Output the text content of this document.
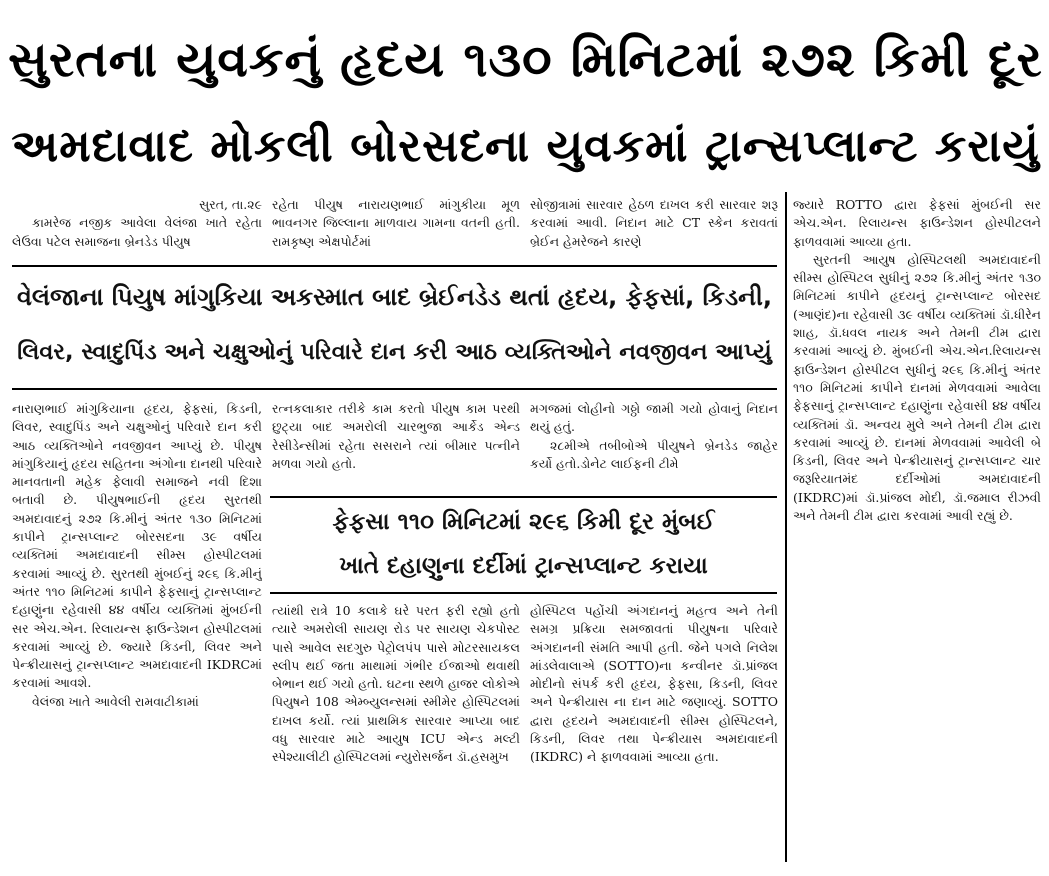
સુરતના યુવકનું હૃદય ૧૩૦ મિનિટમાં ૨૭૨ કિમી દૂર
અમદાવાદ મોકલી બોરસદના યુવકમાં ટ્રાન્સપ્લાન્ટ કરાયું

સુરત, તા.૨૯

કામરેજ નજીક આવેલા વેલંજા ખાતે રહેતા લેઉવા પટેલ સમાજના બ્રેનડેડ પીયુષ

રહેતા પીયુષ નારાયણભાઈ માંગુકીયા મૂળ ભાવનગર જિલ્લાના માળવાય ગામના વતની હતી. રામકૃષ્ણ એક્ષપોર્ટમાં

સોજીત્રામાં સારવાર હેઠળ દાખલ કરી સારવાર શરૂ કરવામાં આવી. નિદાન માટે CT સ્કેન કરાવતાં બ્રેઈન હેમરેજને કારણે

વેલંજાના પિયુષ માંગુકિયા અકસ્માત બાદ બ્રેઈનડેડ થતાં હૃદય, ફેફસાં, કિડની,
લિવર, સ્વાદુપિંડ અને ચક્ષુઓનું પરિવારે દાન કરી આઠ વ્યક્તિઓને નવજીવન આપ્યું

નારાણભાઈ માંગુકિયાના હૃદય, ફેફસાં, કિડની, લિવર, સ્વાદુપિંડ અને ચક્ષુઓનું પરિવારે દાન કરી આઠ વ્યક્તિઓને નવજીવન આપ્યું છે. પીયુષ માંગુકિયાનું હૃદય સહિતના અંગોના દાનથી પરિવારે માનવતાની મહેક ફેલાવી સમાજને નવી દિશા બતાવી છે. પીયુષભાઈની હૃદય સુરતથી અમદાવાદનું ૨૭૨ કિ.મીનું અંતર ૧૩૦ મિનિટમાં કાપીને ટ્રાન્સપ્લાન્ટ બોરસદના ૩૯ વર્ષીય વ્યક્તિમાં અમદાવાદની સીમ્સ હોસ્પીટલમાં કરવામાં આવ્યું છે. સુરતથી મુંબઈનું ૨૯૬ કિ.મીનું અંતર ૧૧૦ મિનિટમાં કાપીને ફેફસાનું ટ્રાન્સપ્લાન્ટ દહાણુંના રહેવાસી ૪૪ વર્ષીય વ્યક્તિમાં મુંબઈની સર એચ.એન. રિલાયન્સ ફાઉન્ડેશન હોસ્પીટલમાં કરવામાં આવ્યું છે. જ્યારે કિડની, લિવર અને પેન્ક્રીયાસનું ટ્રાન્સપ્લાન્ટ અમદાવાદની IKDRCમાં કરવામાં આવશે.

વેલંજા ખાતે આવેલી રામવાટીકામાં

રત્નકલાકાર તરીકે કામ કરતો પીયુષ કામ પરથી છુટ્યા બાદ અમરોલી ચારભુજા આર્કેડ એન્ડ રેસીડેન્સીમાં રહેતા સસરાને ત્યાં બીમાર પત્નીને મળવા ગયો હતો.

મગજમાં લોહીનો ગઠ્ઠો જામી ગયો હોવાનું નિદાન થયું હતું.

૨૮મીએ તબીબોએ પીયુષને બ્રેનડેડ જાહેર કર્યો હતો.ડોનેટ લાઈફની ટીમે

ફેફસા ૧૧૦ મિનિટમાં ૨૯૬ કિમી દૂર મુંબઈ
ખાતે દહાણુના દર્દીમાં ટ્રાન્સપ્લાન્ટ કરાયા

ત્યાંથી રાત્રે 10 કલાકે ઘરે પરત ફરી રહ્યો હતો ત્યારે અમરોલી સાયણ રોડ પર સાયણ ચેકપોસ્ટ પાસે આવેલ સદગુરુ પેટ્રોલપંપ પાસે મોટરસાયકલ સ્લીપ થઈ જતા માથામાં ગંભીર ઈજાઓ થવાથી બેભાન થઈ ગયો હતો. ઘટના સ્થળે હાજર લોકોએ પિયુષને 108 એમ્બ્યુલન્સમાં સ્મીમેર હોસ્પિટલમાં દાખલ કર્યો. ત્યાં પ્રાથમિક સારવાર આપ્યા બાદ વધુ સારવાર માટે આયુષ ICU એન્ડ મલ્ટી સ્પેશ્યાલીટી હોસ્પિટલમાં ન્યુરોસર્જન ડૉ.હસમુખ

હોસ્પિટલ પહોંચી અંગદાનનું મહત્વ અને તેની સમગ્ર પ્રક્રિયા સમજાવતાં પીયુષના પરિવારે અંગદાનની સંમતિ આપી હતી. જેને પગલે નિલેશ માંડલેવાલાએ (SOTTO)ના કન્વીનર ડૉ.પ્રાંજલ મોદીનો સંપર્ક કરી હૃદય, ફેફસા, કિડની, લિવર અને પેન્ક્રીયાસ ના દાન માટે જણાવ્યું. SOTTO દ્વારા હૃદયને અમદાવાદની સીમ્સ હોસ્પિટલને, કિડની, લિવર તથા પેન્ક્રીયાસ અમદાવાદની (IKDRC) ને ફાળવવામાં આવ્યા હતા.

જ્યારે ROTTO દ્વારા ફેફસાં મુંબઈની સર એચ.એન. રિલાયન્સ ફાઉન્ડેશન હોસ્પીટલને ફાળવવામાં આવ્યા હતા.

સુરતની આયુષ હોસ્પિટલથી અમદાવાદની સીમ્સ હોસ્પિટલ સુધીનું ૨૭૨ કિ.મીનું અંતર ૧૩૦ મિનિટમાં કાપીને હૃદયનું ટ્રાન્સપ્લાન્ટ બોરસદ (આણંદ)ના રહેવાસી ૩૯ વર્ષીય વ્યક્તિમાં ડૉ.ધીરેન શાહ, ડૉ.ધવલ નાયક અને તેમની ટીમ દ્વારા કરવામાં આવ્યું છે. મુંબઈની એચ.એન.રિલાયન્સ ફાઉન્ડેશન હોસ્પીટલ સુધીનું ૨૯૬ કિ.મીનું અંતર ૧૧૦ મિનિટમાં કાપીને દાનમાં મેળવવામાં આવેલા ફેફસાનું ટ્રાન્સપ્લાન્ટ દહાણુંના રહેવાસી ૪૪ વર્ષીય વ્યક્તિમાં ડૉ. અન્વય મુલે અને તેમની ટીમ દ્વારા કરવામાં આવ્યું છે. દાનમાં મેળવવામાં આવેલી બે કિડની, લિવર અને પેન્ક્રીયાસનું ટ્રાન્સપ્લાન્ટ ચાર જરૂરિયાતમંદ દર્દીઓમાં અમદાવાદની (IKDRC)માં ડૉ.પ્રાંજલ મોદી, ડૉ.જમાલ રીઝવી અને તેમની ટીમ દ્વારા કરવામાં આવી રહ્યું છે.
